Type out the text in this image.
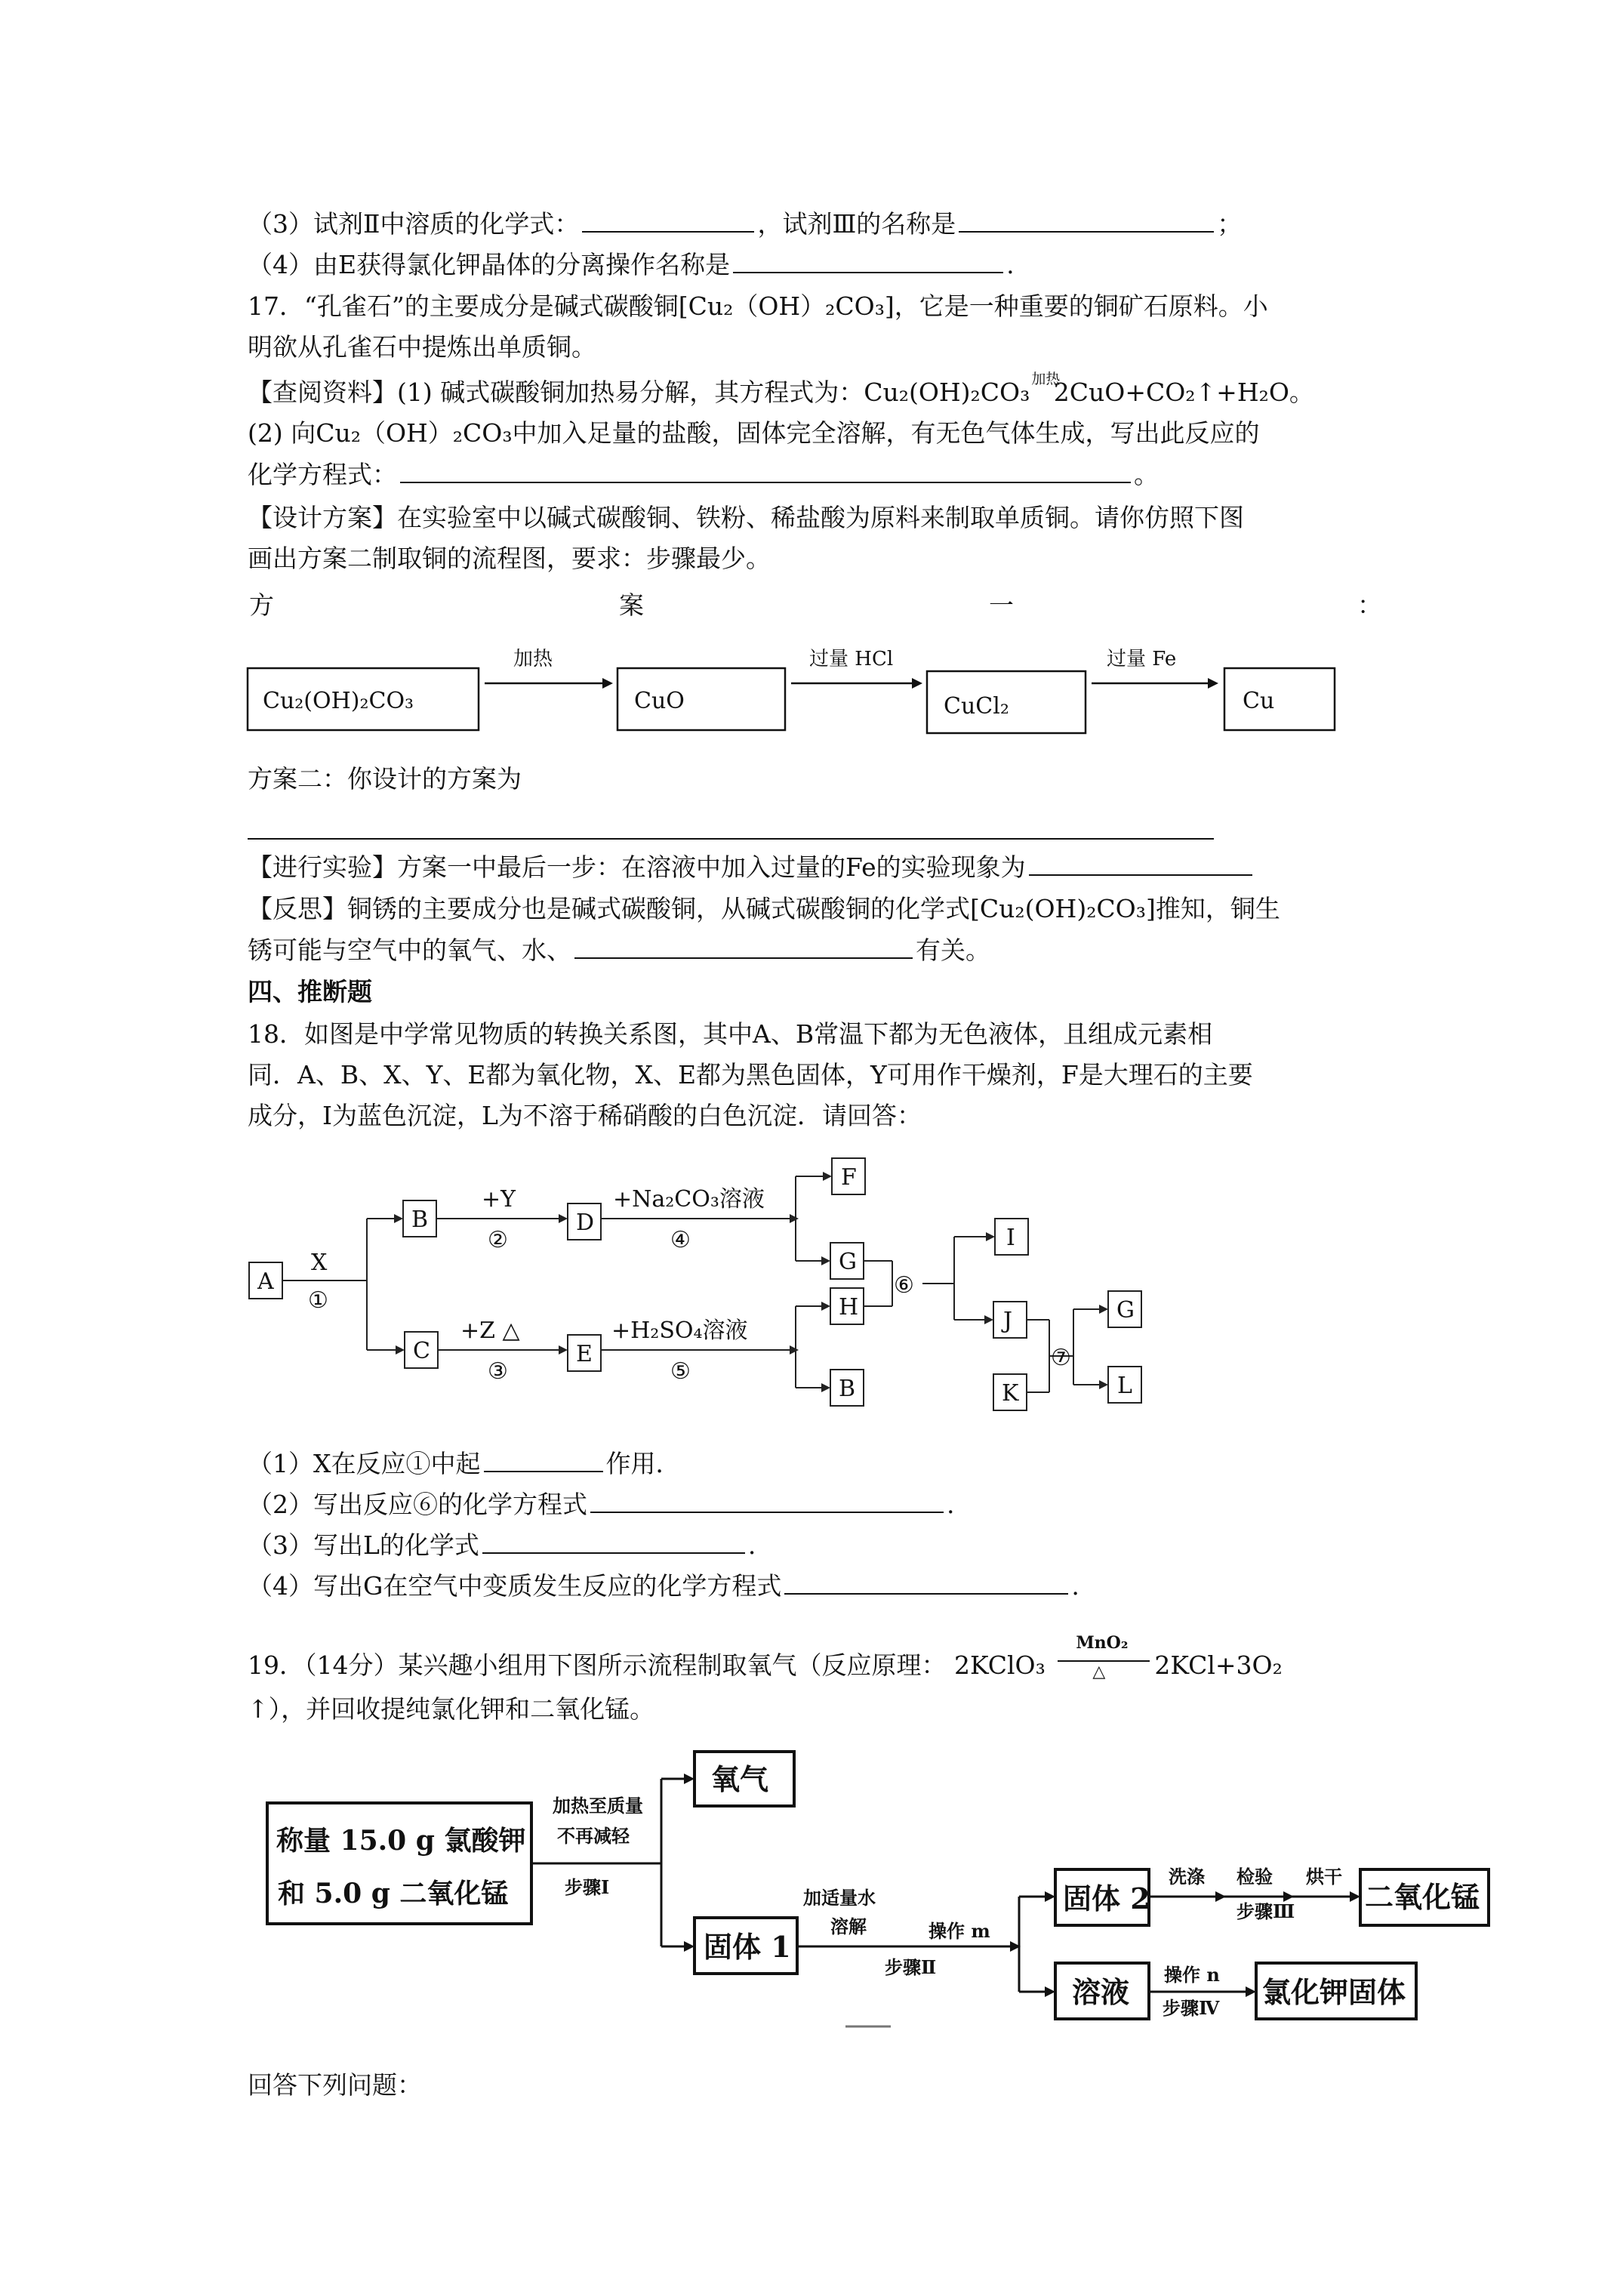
（3）试剂Ⅱ中溶质的化学式：	，试剂Ⅲ的名称是	；
（4）由E获得氯化钾晶体的分离操作名称是	.
17．“孔雀石”的主要成分是碱式碳酸铜[Cu₂（OH）₂CO₃]，它是一种重要的铜矿石原料。小
明欲从孔雀石中提炼出单质铜。
【查阅资料】(1) 碱式碳酸铜加热易分解，其方程式为：Cu₂(OH)₂CO₃ 加热
2CuO+CO₂↑+H₂O。
(2) 向Cu₂（OH）₂CO₃中加入足量的盐酸，固体完全溶解，有无色气体生成，写出此反应的
化学方程式：	。
【设计方案】在实验室中以碱式碳酸铜、铁粉、稀盐酸为原料来制取单质铜。请你仿照下图
画出方案二制取铜的流程图，要求：步骤最少。
方	案	一	：
Cu₂(OH)₂CO₃
加热
CuO
过量 HCl
CuCl₂
过量 Fe
Cu
方案二：你设计的方案为
【进行实验】方案一中最后一步：在溶液中加入过量的Fe的实验现象为
【反思】铜锈的主要成分也是碱式碳酸铜，从碱式碳酸铜的化学式[Cu₂(OH)₂CO₃]推知，铜生
锈可能与空气中的氧气、水、	有关。
四、推断题
18．如图是中学常见物质的转换关系图，其中A、B常温下都为无色液体，且组成元素相
同．A、B、X、Y、E都为氧化物，X、E都为黑色固体，Y可用作干燥剂，F是大理石的主要
成分，I为蓝色沉淀，L为不溶于稀硝酸的白色沉淀．请回答：
A
B
C
D
E
F
G
H
B
I
J
K
G
L
X
①
+Y
②
+Z △
③
+Na₂CO₃溶液
④
+H₂SO₄溶液
⑤
⑥
⑦
（1）X在反应①中起	作用．
（2）写出反应⑥的化学方程式	.
（3）写出L的化学式	.
（4）写出G在空气中变质发生反应的化学方程式	.
19．（14分）某兴趣小组用下图所示流程制取氧气（反应原理： 2KClO₃
MnO₂
△ 2KCl+3O₂
↑），并回收提纯氯化钾和二氧化锰。
称量 15.0 g 氯酸钾
和 5.0 g 二氧化锰
加热至质量
不再减轻
步骤Ⅰ
氧气
固体 1
加适量水
溶解	操作 m
步骤Ⅱ
固体 2
洗涤 检验 烘干
步骤Ⅲ 二氧化锰
溶液
操作 n
步骤Ⅳ 氯化钾固体
回答下列问题：
